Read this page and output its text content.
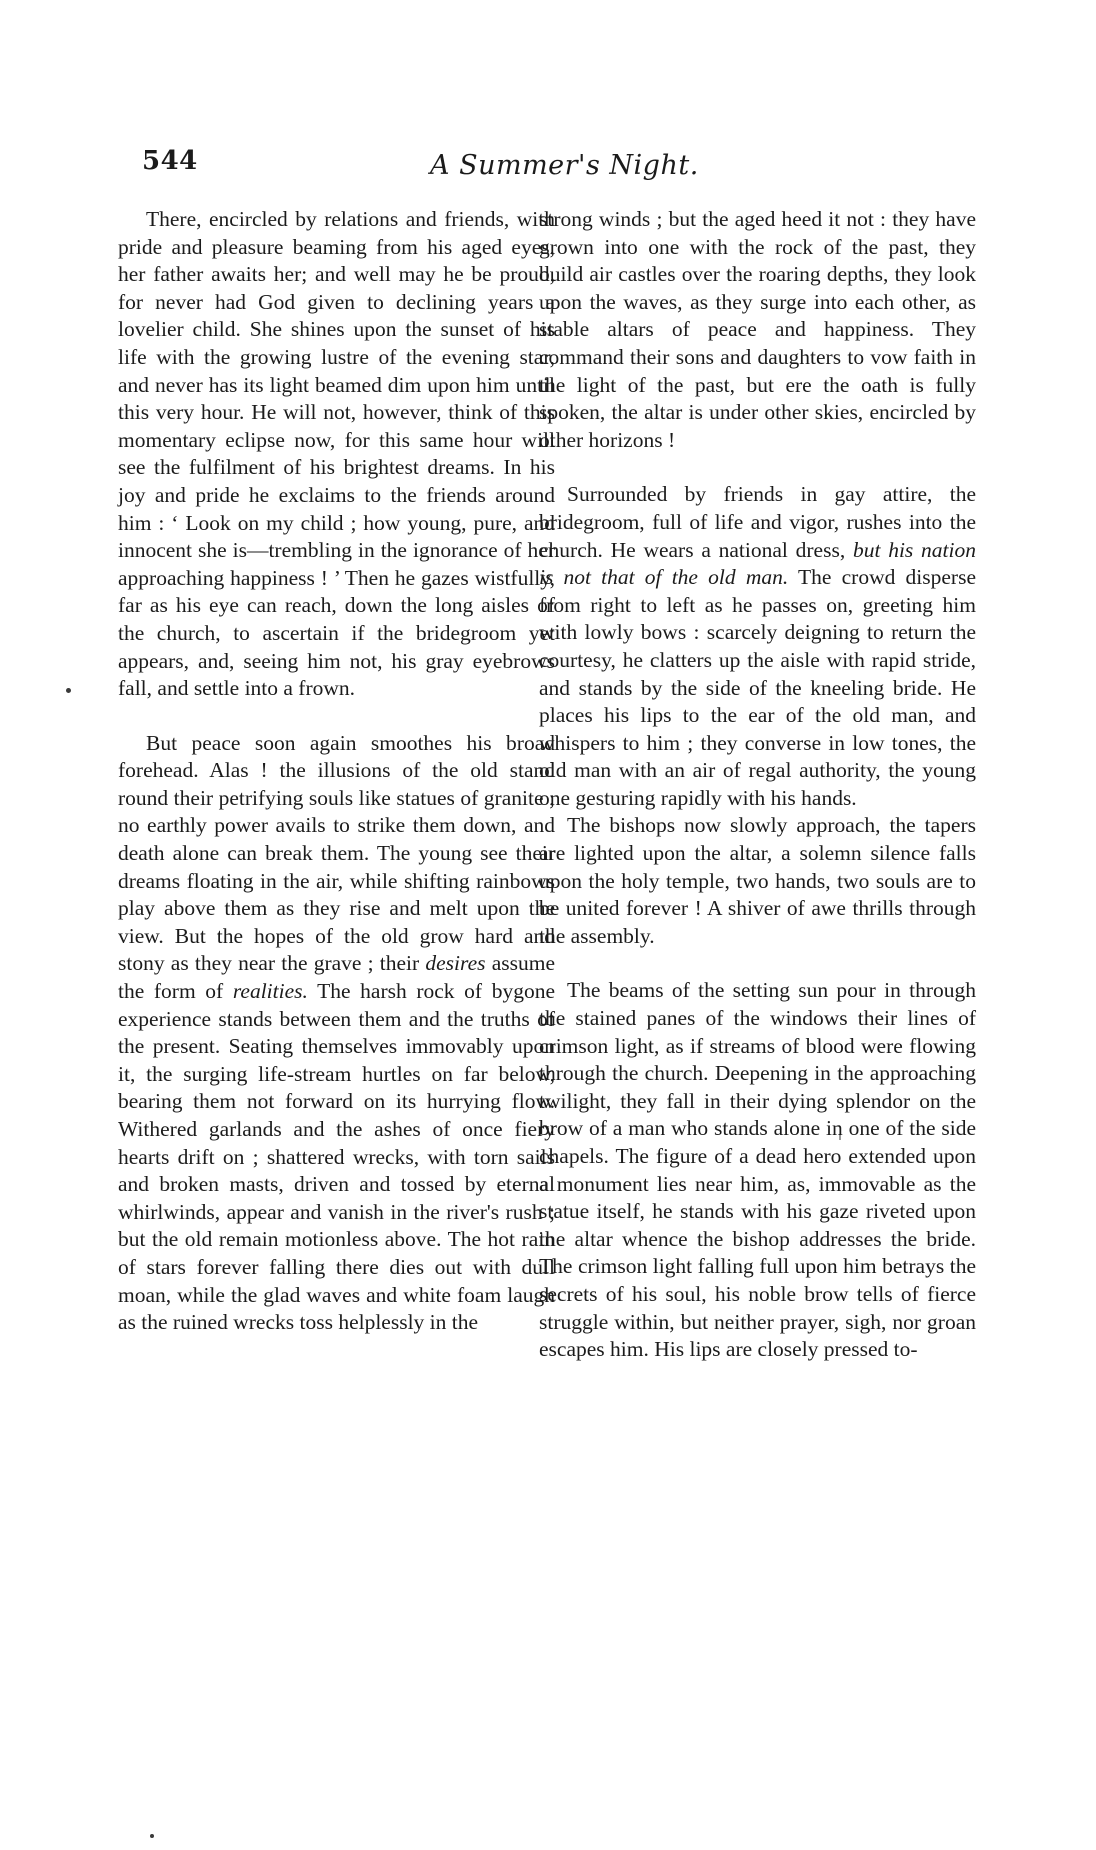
544	A Summer's Night.

There, encircled by relations and friends, with pride and pleasure beaming from his aged eyes, her father awaits her; and well may he be proud, for never had God given to declining years a lovelier child. She shines upon the sunset of his life with the growing lustre of the evening star, and never has its light beamed dim upon him until this very hour. He will not, however, think of this momentary eclipse now, for this same hour will see the fulfilment of his brightest dreams. In his joy and pride he exclaims to the friends around him : ‘ Look on my child ; how young, pure, and innocent she is—trembling in the ignorance of her approaching happiness ! ’ Then he gazes wistfully, far as his eye can reach, down the long aisles of the church, to ascertain if the bridegroom yet appears, and, seeing him not, his gray eyebrows fall, and settle into a frown.

But peace soon again smoothes his broad forehead. Alas ! the illusions of the old stand round their petrifying souls like statues of granite ; no earthly power avails to strike them down, and death alone can break them. The young see their dreams floating in the air, while shifting rainbows play above them as they rise and melt upon the view. But the hopes of the old grow hard and stony as they near the grave ; their desires assume the form of realities. The harsh rock of bygone experience stands between them and the truths of the present. Seating themselves immovably upon it, the surging life-stream hurtles on far below, bearing them not forward on its hurrying flow. Withered garlands and the ashes of once fiery hearts drift on ; shattered wrecks, with torn sails and broken masts, driven and tossed by eternal whirlwinds, appear and vanish in the river's rush ; but the old remain motionless above. The hot rain of stars forever falling there dies out with dull moan, while the glad waves and white foam laugh as the ruined wrecks toss helplessly in the

strong winds ; but the aged heed it not : they have grown into one with the rock of the past, they build air castles over the roaring depths, they look upon the waves, as they surge into each other, as stable altars of peace and happiness. They command their sons and daughters to vow faith in the light of the past, but ere the oath is fully spoken, the altar is under other skies, encircled by other horizons !

Surrounded by friends in gay attire, the bridegroom, full of life and vigor, rushes into the church. He wears a national dress, but his nation is not that of the old man. The crowd disperse from right to left as he passes on, greeting him with lowly bows : scarcely deigning to return the courtesy, he clatters up the aisle with rapid stride, and stands by the side of the kneeling bride. He places his lips to the ear of the old man, and whispers to him ; they converse in low tones, the old man with an air of regal authority, the young one gesturing rapidly with his hands.

The bishops now slowly approach, the tapers are lighted upon the altar, a solemn silence falls upon the holy temple, two hands, two souls are to be united forever ! A shiver of awe thrills through the assembly.

The beams of the setting sun pour in through the stained panes of the windows their lines of crimson light, as if streams of blood were flowing through the church. Deepening in the approaching twilight, they fall in their dying splendor on the brow of a man who stands alone in one of the side chapels. The figure of a dead hero extended upon a monument lies near him, as, immovable as the statue itself, he stands with his gaze riveted upon the altar whence the bishop addresses the bride. The crimson light falling full upon him betrays the secrets of his soul, his noble brow tells of fierce struggle within, but neither prayer, sigh, nor groan escapes him. His lips are closely pressed to-
